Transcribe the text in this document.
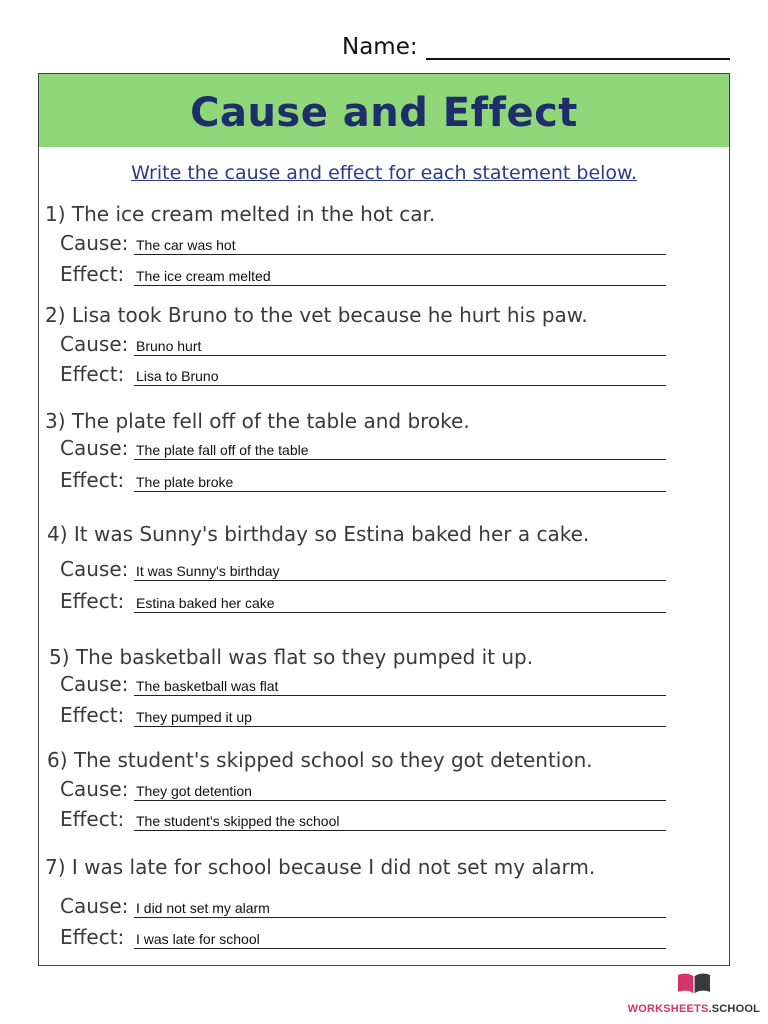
Name:
Cause and Effect
Write the cause and effect for each statement below.
1) The ice cream melted in the hot car.
Cause: The car was hot
Effect: The ice cream melted
2) Lisa took Bruno to the vet because he hurt his paw.
Cause: Bruno hurt
Effect: Lisa to Bruno
3) The plate fell off of the table and broke.
Cause: The plate fall off of the table
Effect: The plate broke
4) It was Sunny's birthday so Estina baked her a cake.
Cause: It was Sunny's birthday
Effect: Estina baked her cake
5) The basketball was flat so they pumped it up.
Cause: The basketball was flat
Effect: They pumped it up
6) The student's skipped school so they got detention.
Cause: They got detention
Effect: The student's skipped the school
7) I was late for school because I did not set my alarm.
Cause: I did not set my alarm
Effect: I was late for school
WORKSHEETS.SCHOOL
